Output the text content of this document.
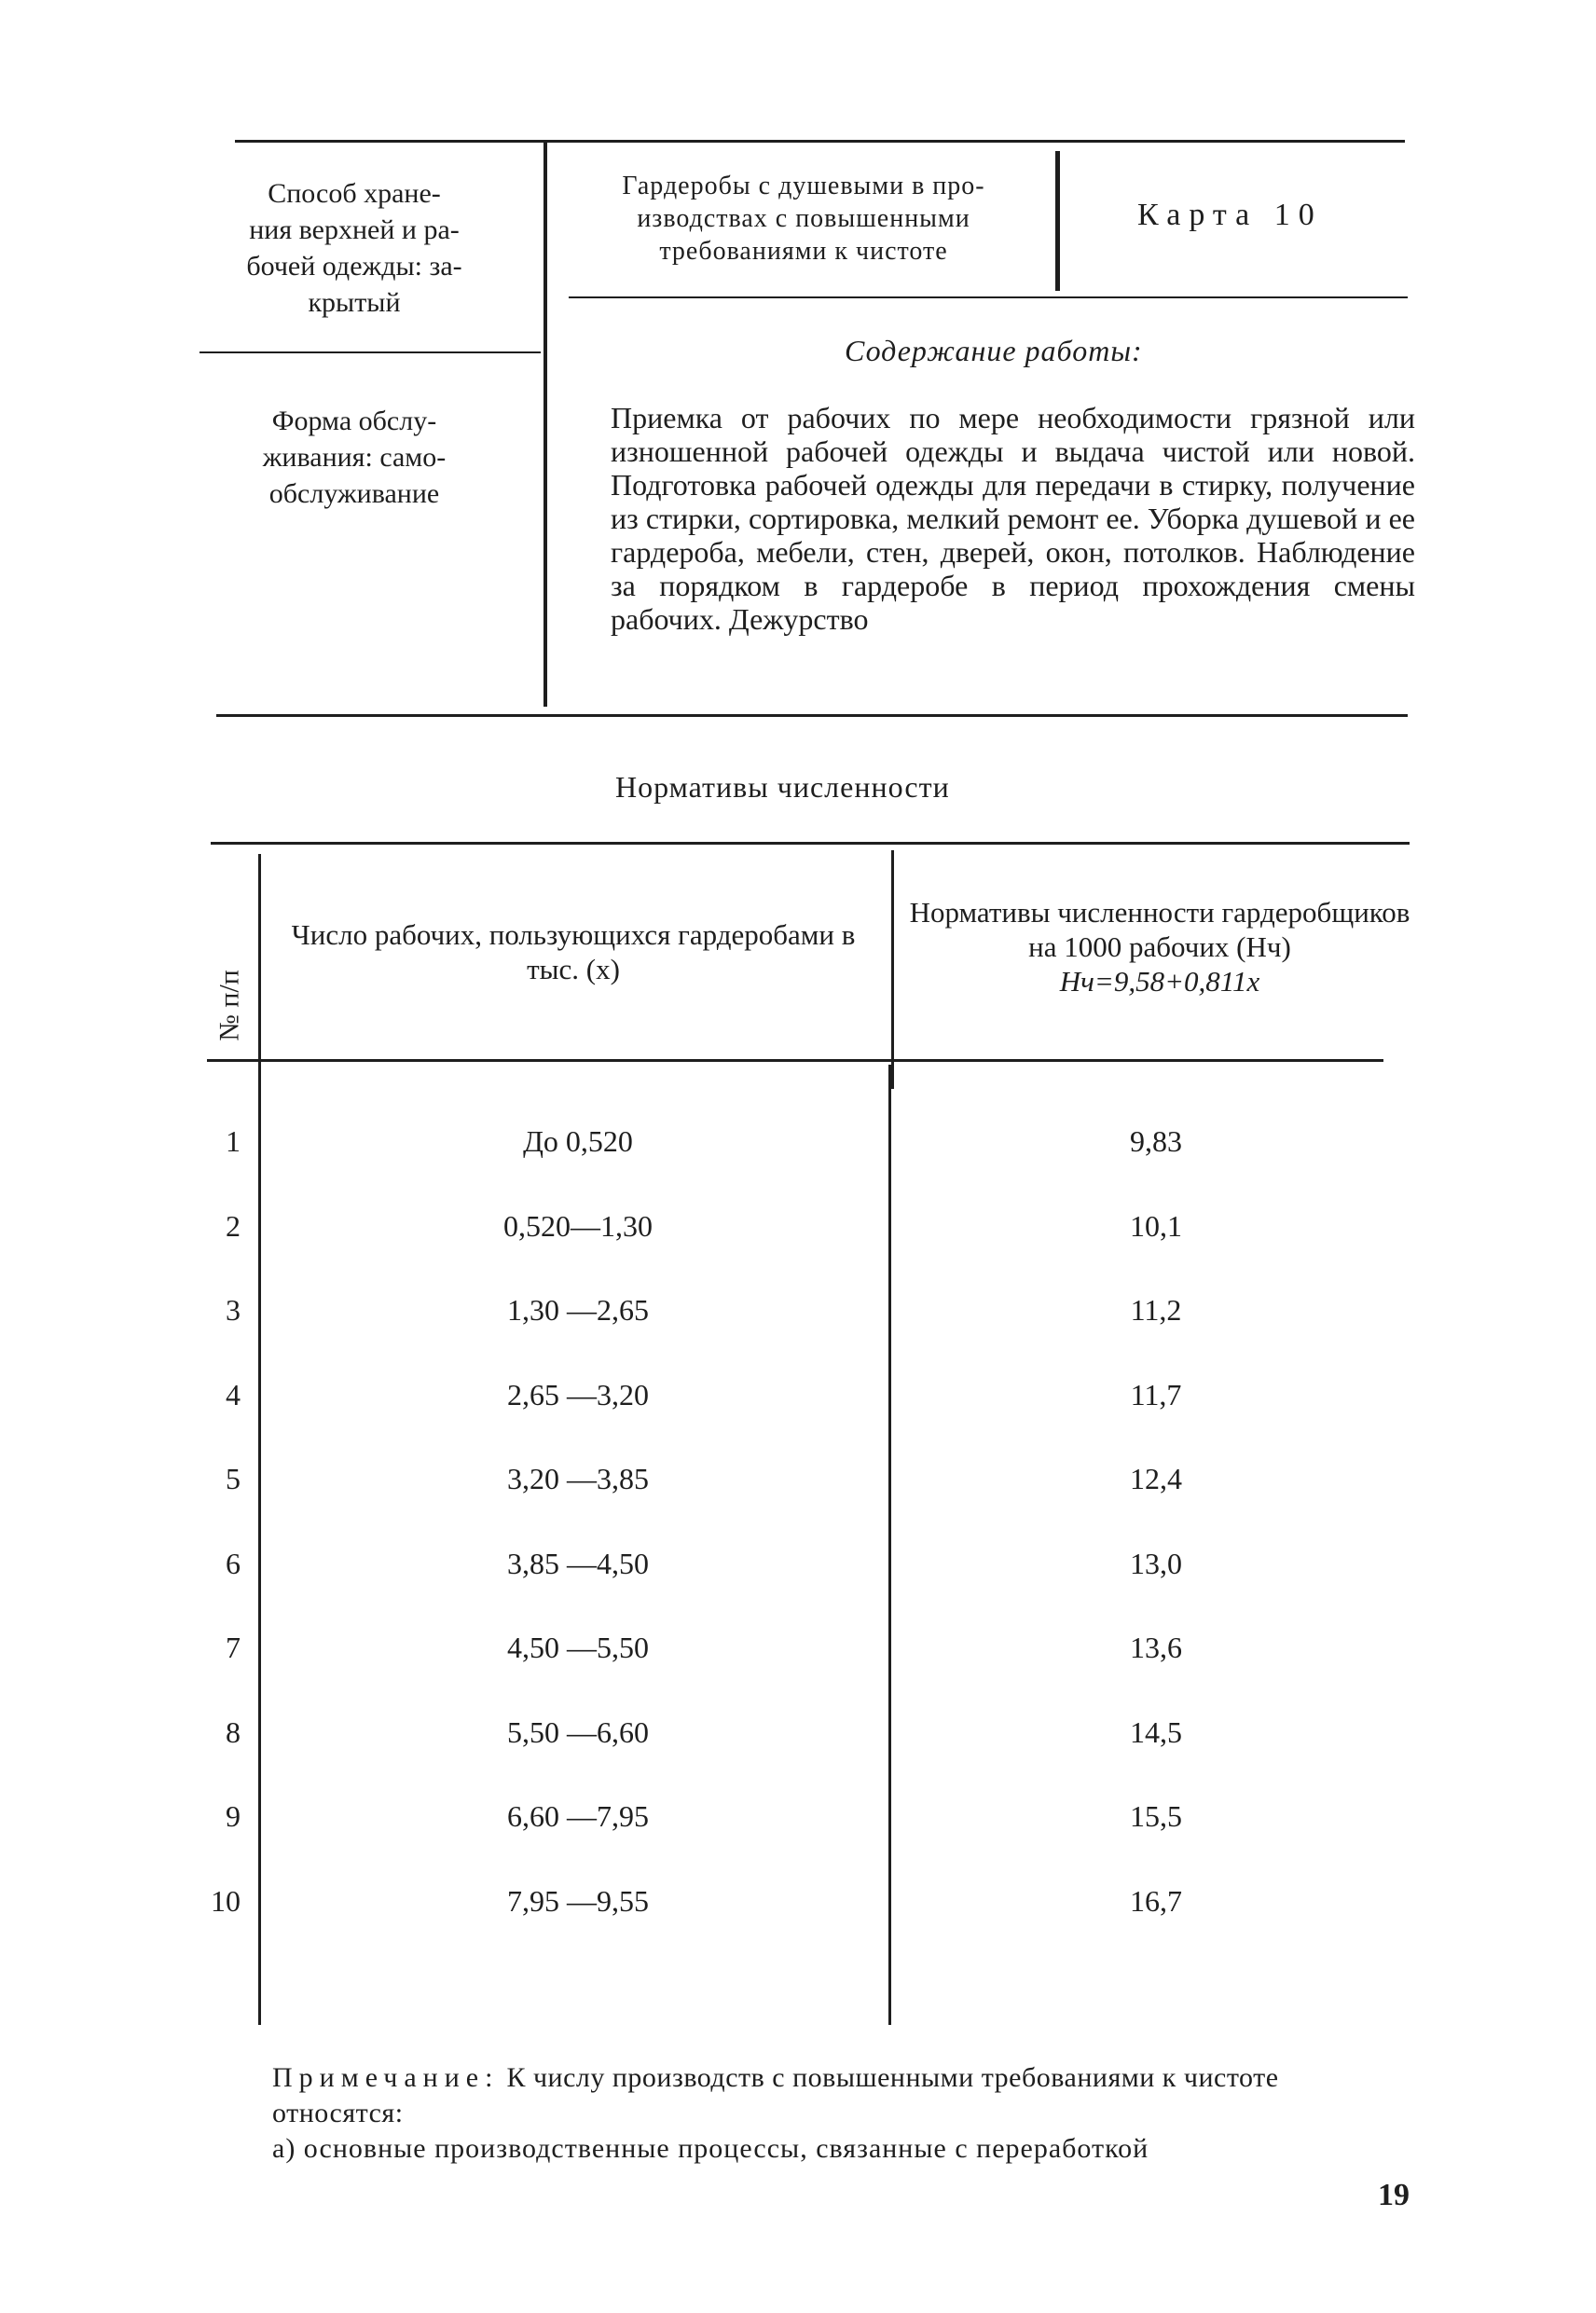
Способ хране-
ния верхней и ра-
бочей одежды: за-
крытый
Форма обслу-
живания: само-
обслуживание
Гардеробы с душевыми в про-
изводствах с повышенными
требованиями к чистоте
Карта 10
Содержание работы:
Приемка от рабочих по мере необходимости грязной или изношенной рабочей одежды и выдача чистой или новой. Подготовка рабочей одежды для передачи в стирку, получение из стирки, сортировка, мелкий ремонт ее. Уборка душевой и ее гардероба, мебели, стен, дверей, окон, потолков. Наблюдение за порядком в гардеробе в период прохождения смены рабочих. Дежурство
Нормативы численности
№ п/п
Число рабочих, пользующихся гардеробами в тыс. (x)
Нормативы численности гардеробщиков на 1000 рабочих (Hч)
Hч=9,58+0,811x
1	До 0,520	9,83
2	0,520—1,30	10,1
3	1,30 —2,65	11,2
4	2,65 —3,20	11,7
5	3,20 —3,85	12,4
6	3,85 —4,50	13,0
7	4,50 —5,50	13,6
8	5,50 —6,60	14,5
9	6,60 —7,95	15,5
10	7,95 —9,55	16,7
Примечание: К числу производств с повышенными требованиями к чистоте относятся:
а) основные производственные процессы, связанные с переработкой
19
